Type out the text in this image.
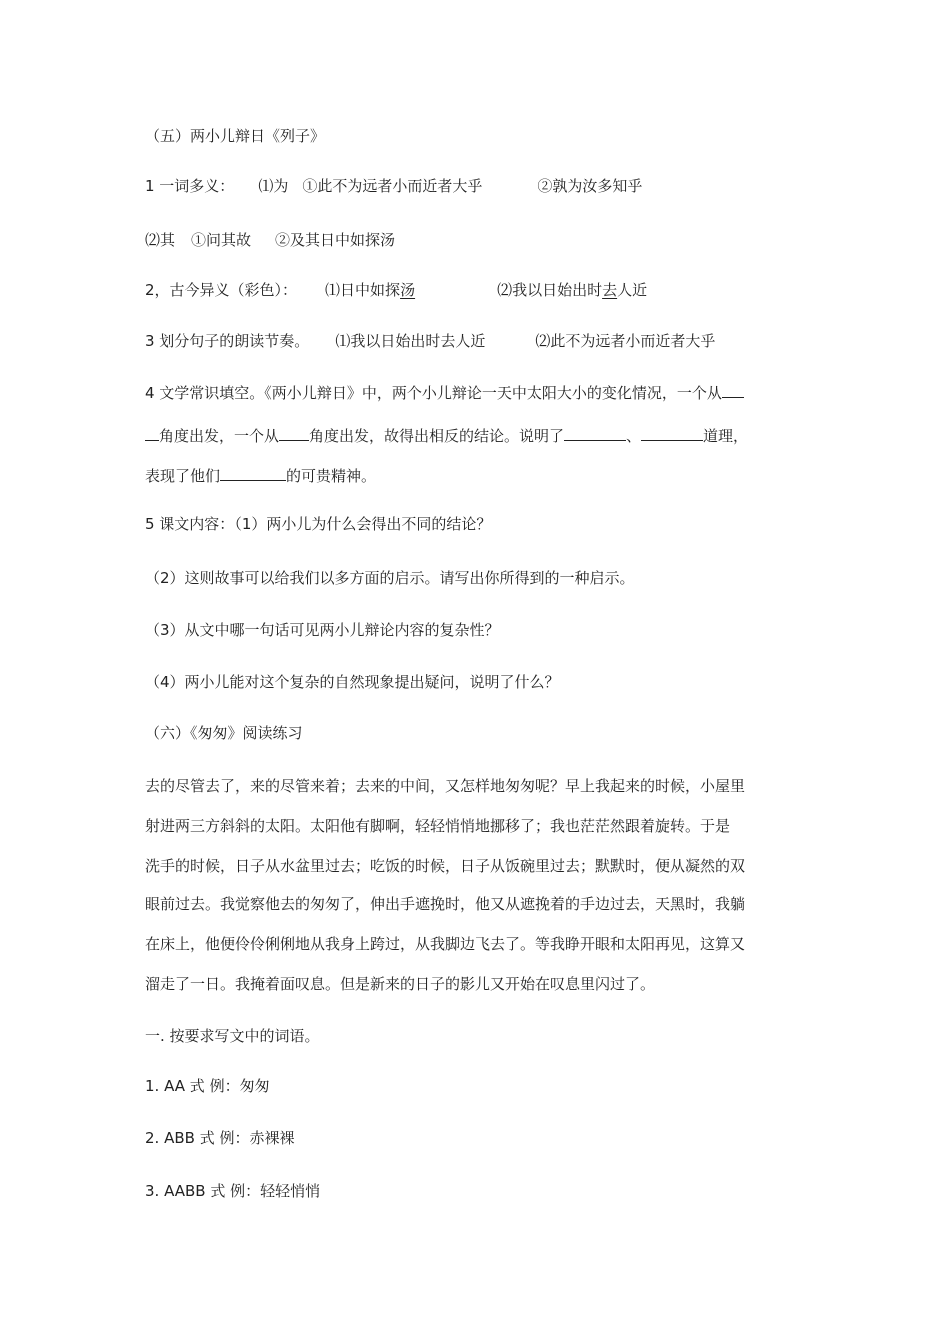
（五）两小儿辩日《列子》
1 一词多义： ⑴为 ①此不为远者小而近者大乎	②孰为汝多知乎
⑵其 ①问其故 ②及其日中如探汤
2，古今异义（彩色）： ⑴日中如探汤	⑵我以日始出时去人近
3 划分句子的朗读节奏。 ⑴我以日始出时去人近	⑵此不为远者小而近者大乎
4 文学常识填空。《两小儿辩日》中，两个小儿辩论一天中太阳大小的变化情况，一个从
角度出发，一个从 角度出发，故得出相反的结论。说明了	、	道理，
表现了他们	的可贵精神。
5 课文内容：（1）两小儿为什么会得出不同的结论？
（2）这则故事可以给我们以多方面的启示。请写出你所得到的一种启示。
（3）从文中哪一句话可见两小儿辩论内容的复杂性？
（4）两小儿能对这个复杂的自然现象提出疑问，说明了什么？
（六）《匆匆》阅读练习
去的尽管去了，来的尽管来着；去来的中间，又怎样地匆匆呢？早上我起来的时候，小屋里
射进两三方斜斜的太阳。太阳他有脚啊，轻轻悄悄地挪移了；我也茫茫然跟着旋转。于是
洗手的时候，日子从水盆里过去；吃饭的时候，日子从饭碗里过去；默默时，便从凝然的双
眼前过去。我觉察他去的匆匆了，伸出手遮挽时，他又从遮挽着的手边过去，天黑时，我躺
在床上，他便伶伶俐俐地从我身上跨过，从我脚边飞去了。等我睁开眼和太阳再见，这算又
溜走了一日。我掩着面叹息。但是新来的日子的影儿又开始在叹息里闪过了。
一. 按要求写文中的词语。
1. AA 式 例：匆匆
2. ABB 式 例：赤裸裸
3. AABB 式 例：轻轻悄悄
